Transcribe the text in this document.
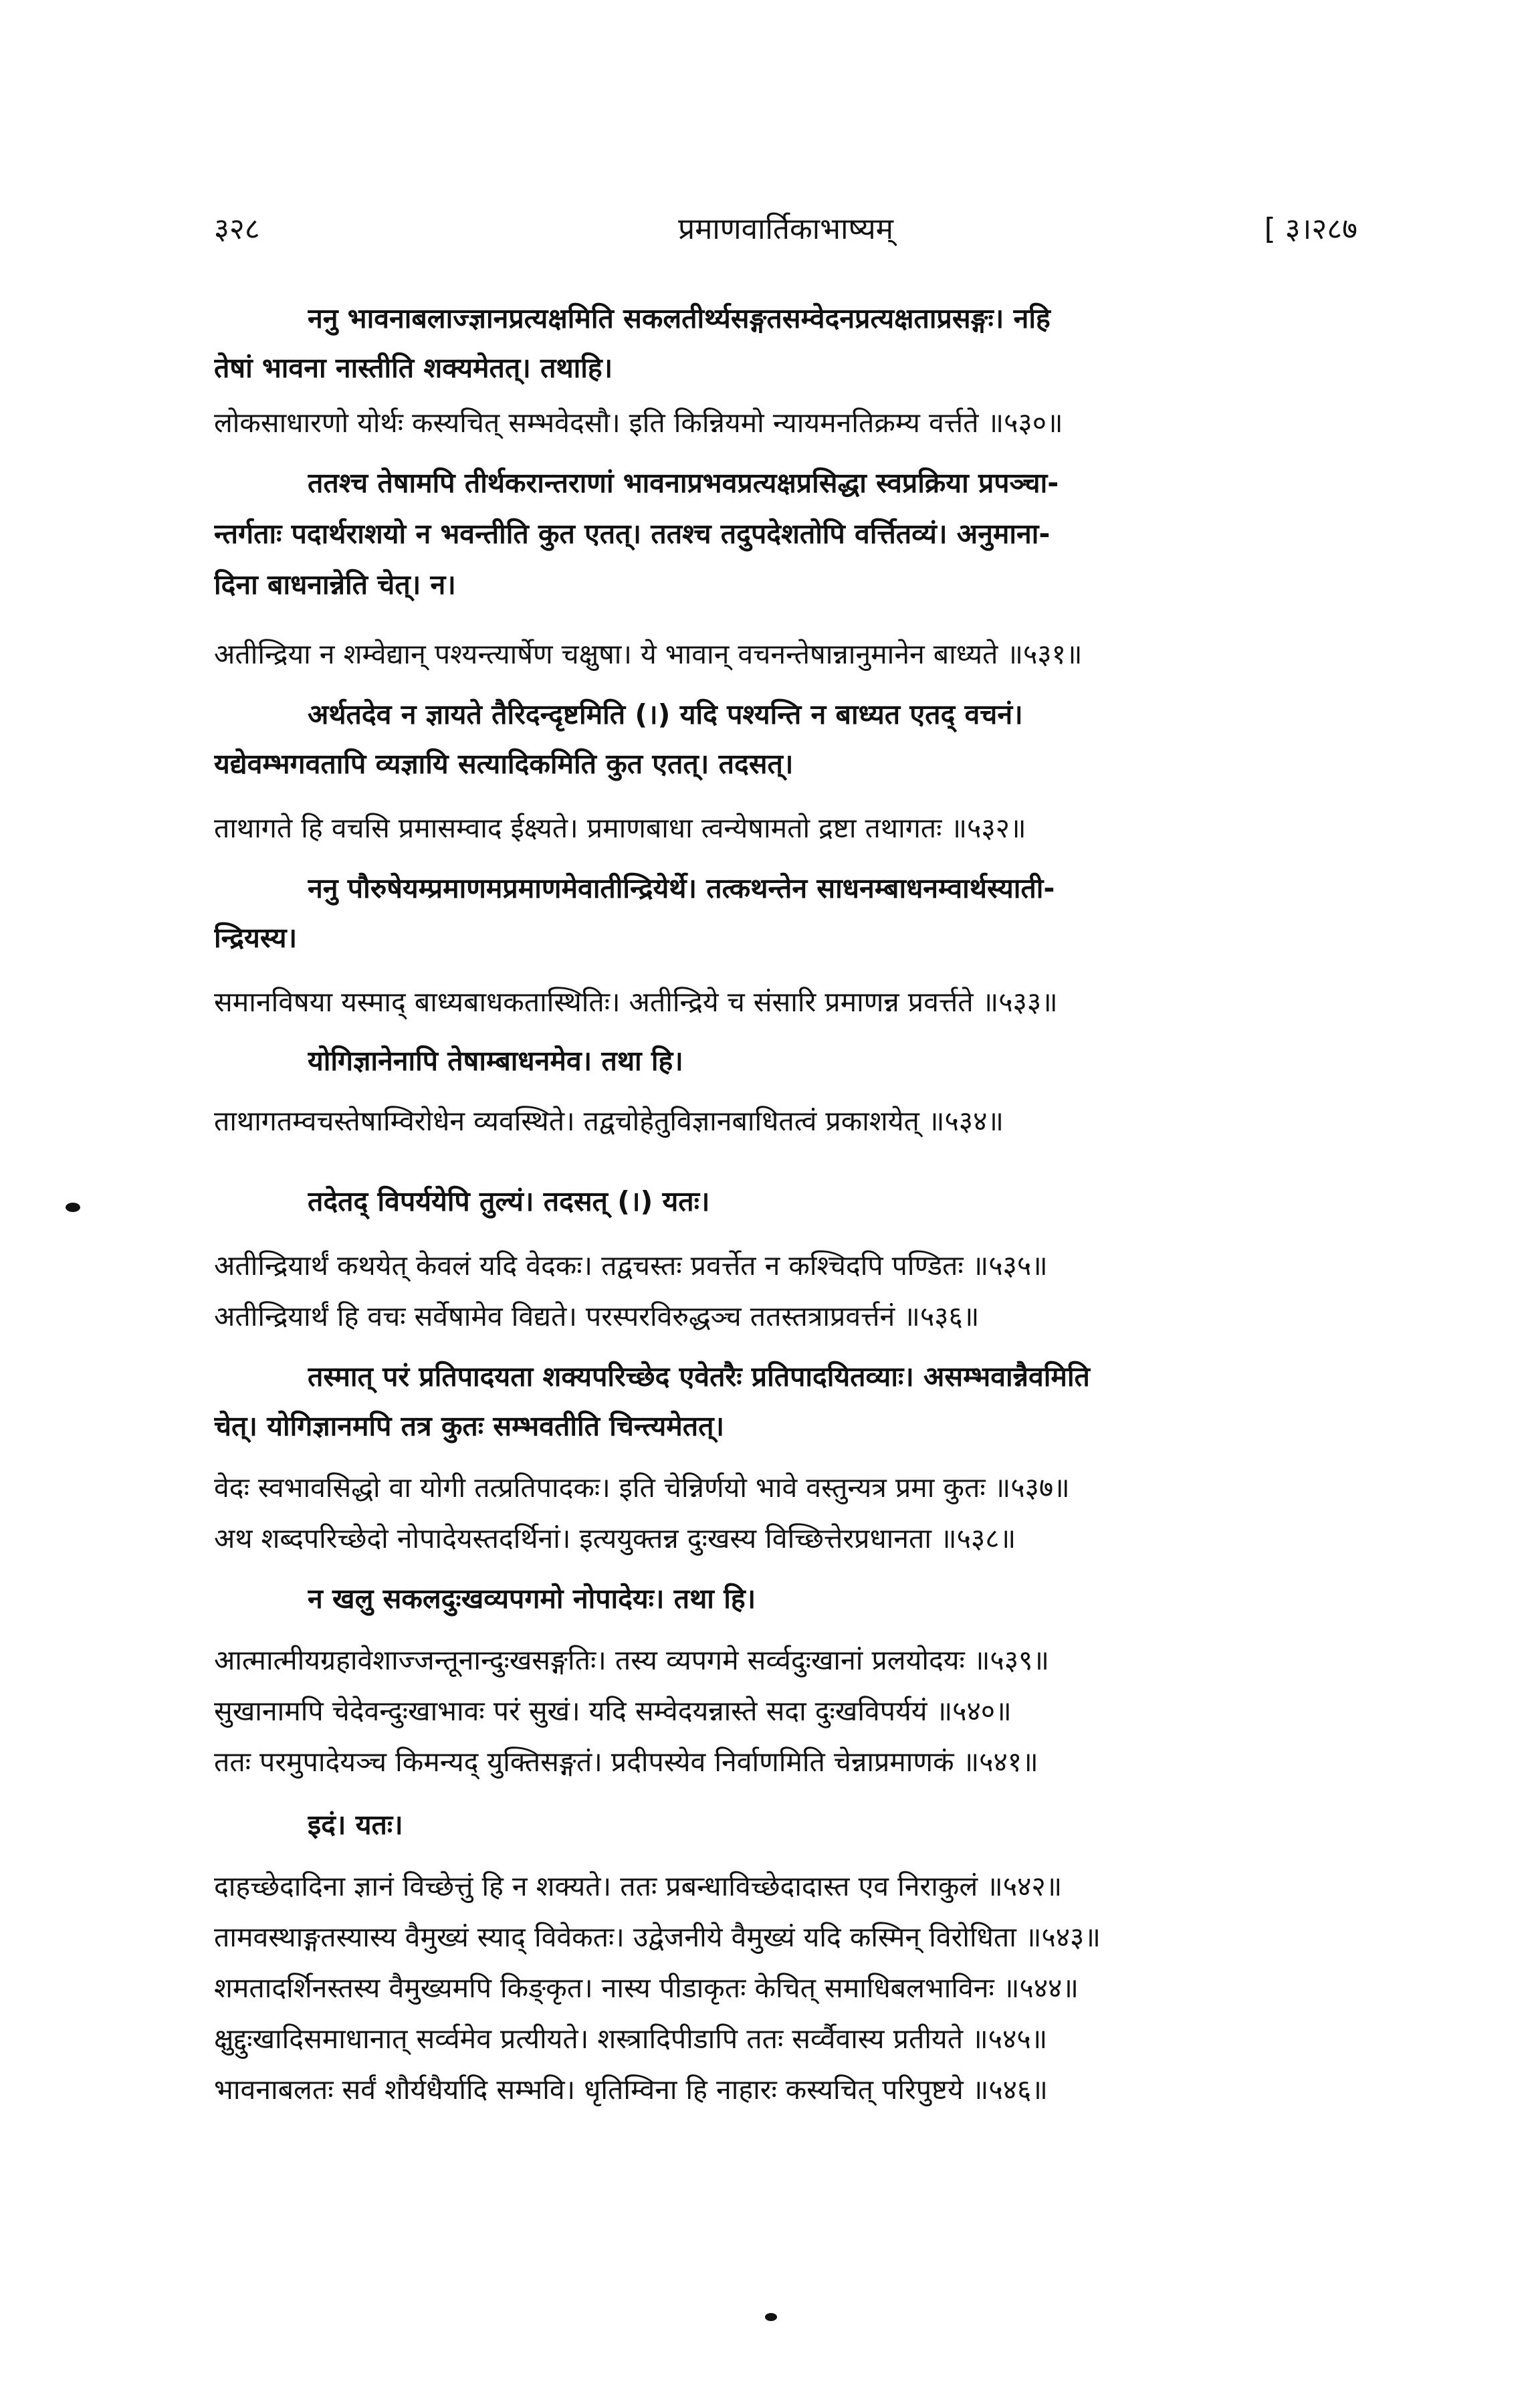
३२८	प्रमाणवार्तिकाभाष्यम्	[ ३।२८७
ननु भावनाबलाज्ज्ञानप्रत्यक्षमिति सकलतीर्थ्यसङ्गतसम्वेदनप्रत्यक्षताप्रसङ्गः। नहि
तेषां भावना नास्तीति शक्यमेतत्। तथाहि।
लोकसाधारणो योर्थः कस्यचित् सम्भवेदसौ। इति किन्नियमो न्यायमनतिक्रम्य वर्त्तते ॥५३०॥
ततश्च तेषामपि तीर्थकरान्तराणां भावनाप्रभवप्रत्यक्षप्रसिद्धा स्वप्रक्रिया प्रपञ्चा-
न्तर्गताः पदार्थराशयो न भवन्तीति कुत एतत्। ततश्च तदुपदेशतोपि वर्त्तितव्यं। अनुमाना-
दिना बाधनान्नेति चेत्। न।
अतीन्द्रिया न शम्वेद्यान् पश्यन्त्यार्षेण चक्षुषा। ये भावान् वचनन्तेषान्नानुमानेन बाध्यते ॥५३१॥
अर्थतदेव न ज्ञायते तैरिदन्दृष्टमिति (।) यदि पश्यन्ति न बाध्यत एतद् वचनं।
यद्येवम्भगवतापि व्यज्ञायि सत्यादिकमिति कुत एतत्। तदसत्।
ताथागते हि वचसि प्रमासम्वाद ईक्ष्यते। प्रमाणबाधा त्वन्येषामतो द्रष्टा तथागतः ॥५३२॥
ननु पौरुषेयम्प्रमाणमप्रमाणमेवातीन्द्रियेर्थे। तत्कथन्तेन साधनम्बाधनम्वार्थस्याती-
न्द्रियस्य।
समानविषया यस्माद् बाध्यबाधकतास्थितिः। अतीन्द्रिये च संसारि प्रमाणन्न प्रवर्त्तते ॥५३३॥
योगिज्ञानेनापि तेषाम्बाधनमेव। तथा हि।
ताथागतम्वचस्तेषाम्विरोधेन व्यवस्थिते। तद्वचोहेतुविज्ञानबाधितत्वं प्रकाशयेत् ॥५३४॥
तदेतद् विपर्ययेपि तुल्यं। तदसत् (।) यतः।
अतीन्द्रियार्थं कथयेत् केवलं यदि वेदकः। तद्वचस्तः प्रवर्त्तेत न कश्चिदपि पण्डितः ॥५३५॥
अतीन्द्रियार्थं हि वचः सर्वेषामेव विद्यते। परस्परविरुद्धञ्च ततस्तत्राप्रवर्त्तनं ॥५३६॥
तस्मात् परं प्रतिपादयता शक्यपरिच्छेद एवेतरैः प्रतिपादयितव्याः। असम्भवान्नैवमिति
चेत्। योगिज्ञानमपि तत्र कुतः सम्भवतीति चिन्त्यमेतत्।
वेदः स्वभावसिद्धो वा योगी तत्प्रतिपादकः। इति चेन्निर्णयो भावे वस्तुन्यत्र प्रमा कुतः ॥५३७॥
अथ शब्दपरिच्छेदो नोपादेयस्तदर्थिनां। इत्ययुक्तन्न दुःखस्य विच्छित्तेरप्रधानता ॥५३८॥
न खलु सकलदुःखव्यपगमो नोपादेयः। तथा हि।
आत्मात्मीयग्रहावेशाज्जन्तूनान्दुःखसङ्गतिः। तस्य व्यपगमे सर्व्वदुःखानां प्रलयोदयः ॥५३९॥
सुखानामपि चेदेवन्दुःखाभावः परं सुखं। यदि सम्वेदयन्नास्ते सदा दुःखविपर्ययं ॥५४०॥
ततः परमुपादेयञ्च किमन्यद् युक्तिसङ्गतं। प्रदीपस्येव निर्वाणमिति चेन्नाप्रमाणकं ॥५४१॥
इदं। यतः।
दाहच्छेदादिना ज्ञानं विच्छेत्तुं हि न शक्यते। ततः प्रबन्धाविच्छेदादास्त एव निराकुलं ॥५४२॥
तामवस्थाङ्गतस्यास्य वैमुख्यं स्याद् विवेकतः। उद्वेजनीये वैमुख्यं यदि कस्मिन् विरोधिता ॥५४३॥
शमतादर्शिनस्तस्य वैमुख्यमपि किङ्कृत। नास्य पीडाकृतः केचित् समाधिबलभाविनः ॥५४४॥
क्षुद्दुःखादिसमाधानात् सर्व्वमेव प्रत्यीयते। शस्त्रादिपीडापि ततः सर्व्वैवास्य प्रतीयते ॥५४५॥
भावनाबलतः सर्वं शौर्यधैर्यादि सम्भवि। धृतिम्विना हि नाहारः कस्यचित् परिपुष्टये ॥५४६॥
